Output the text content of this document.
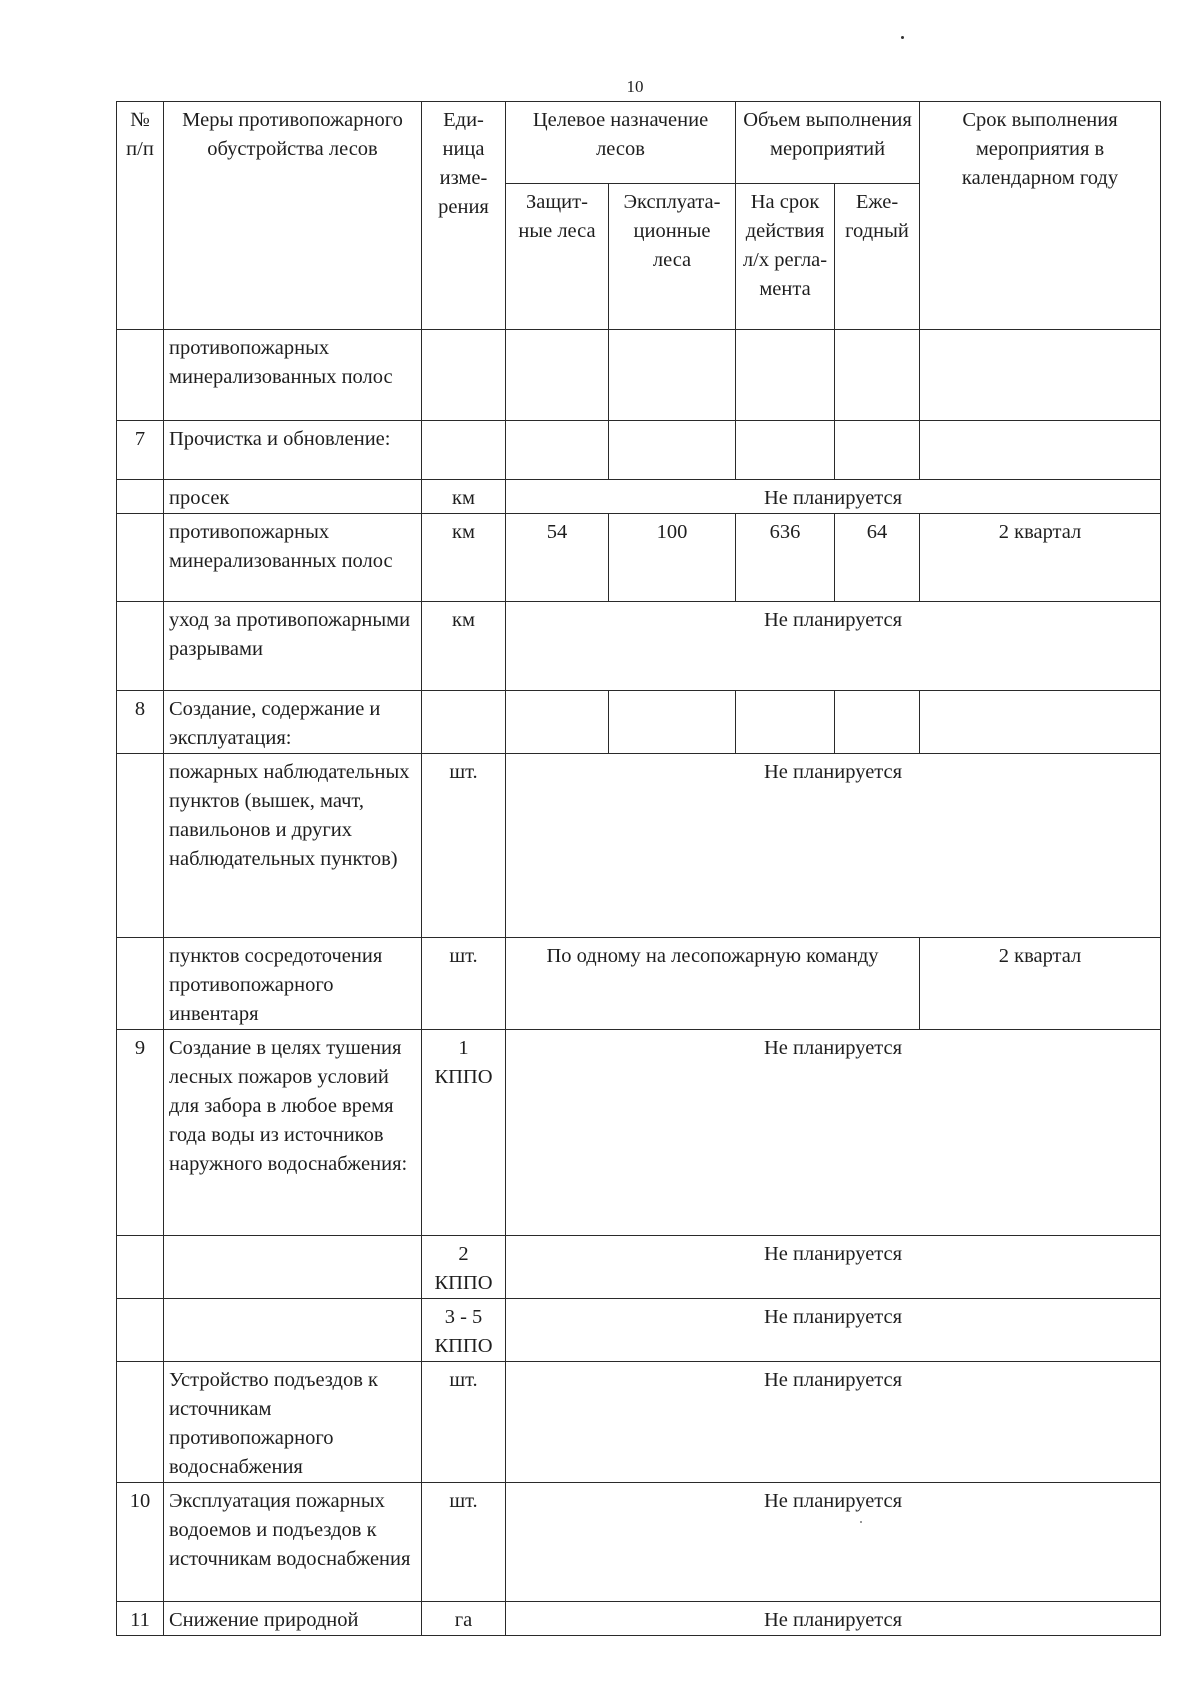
10
№ п/п	Меры противопожарного обустройства лесов	Еди-ница изме-рения	Целевое назначение лесов		Объем выполнения мероприятий		Срок выполнения мероприятия в календарном году
			Защит-ные леса	Эксплуата-ционные леса	На срок действия л/х регла-мента	Еже-годный	
	противопожарных минерализованных полос						
7	Прочистка и обновление:						
	просек	км	Не планируется				
	противопожарных минерализованных полос	км	54	100	636	64	2 квартал
	уход за противопожарными разрывами	км	Не планируется				
8	Создание, содержание и эксплуатация:						
	пожарных наблюдательных пунктов (вышек, мачт, павильонов и других наблюдательных пунктов)	шт.	Не планируется				
	пунктов сосредоточения противопожарного инвентаря	шт.	По одному на лесопожарную команду				2 квартал
9	Создание в целях тушения лесных пожаров условий для забора в любое время года воды из источников наружного водоснабжения:	1 КППО	Не планируется				
		2 КППО	Не планируется				
		3 - 5 КППО	Не планируется				
	Устройство подъездов к источникам противопожарного водоснабжения	шт.	Не планируется				
10	Эксплуатация пожарных водоемов и подъездов к источникам водоснабжения	шт.	Не планируется				
11	Снижение природной	га	Не планируется				
